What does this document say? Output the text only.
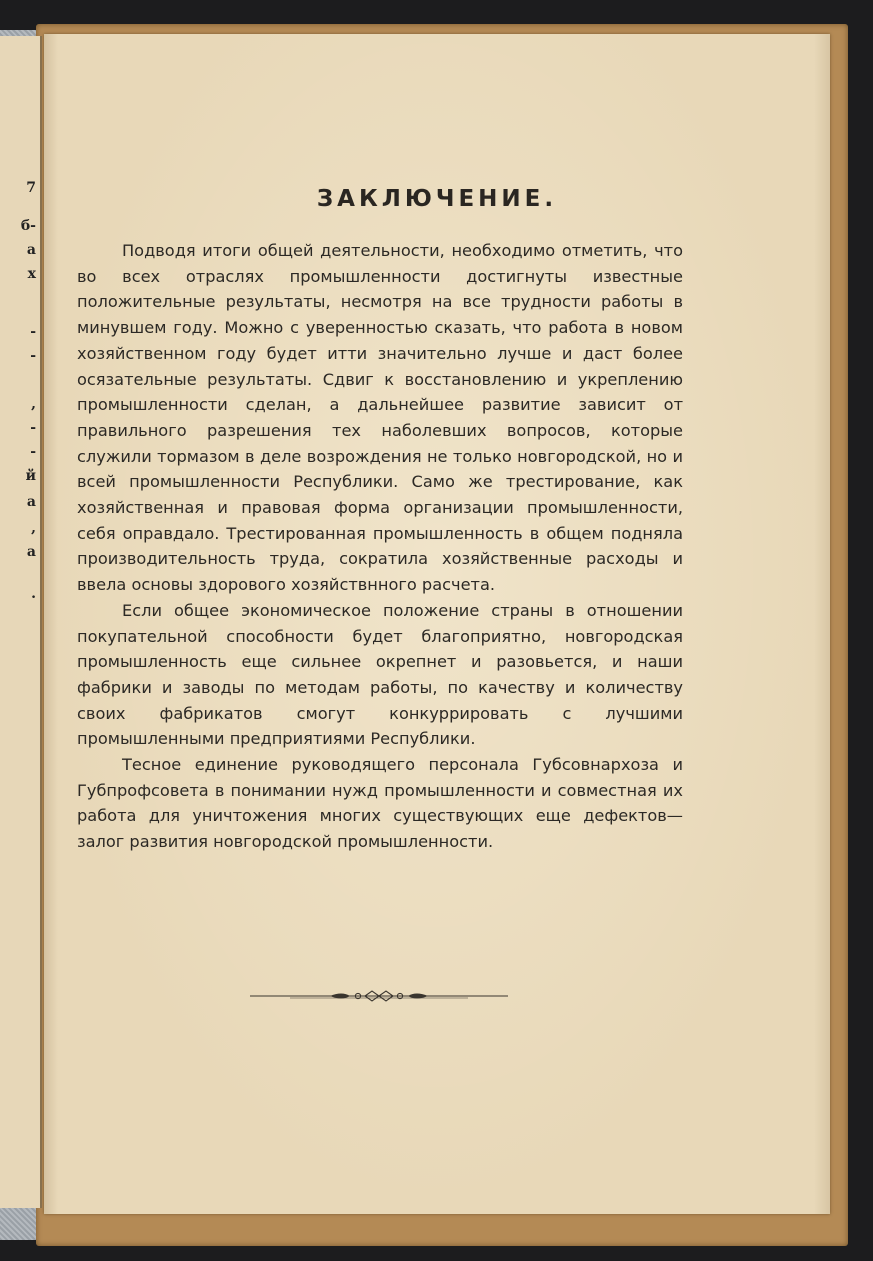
7
б-
а
х
-
-
,
-
-
й
а
,
а
.
ЗАКЛЮЧЕНИЕ.

Подводя итоги общей деятельности, необходимо отметить, что во всех отраслях промышленности достигнуты известные положительные результаты, несмотря на все трудности работы в минувшем году. Можно с уверенностью сказать, что работа в новом хозяйственном году будет итти значительно лучше и даст более осязательные результаты. Сдвиг к восстановлению и укреплению промышленности сделан, а дальнейшее развитие зависит от правильного разрешения тех наболевших вопросов, которые служили тормазом в деле возрождения не только новгородской, но и всей промышленности Республики. Само же трестирование, как хозяйственная и правовая форма организации промышленности, себя оправдало. Трестированная промышленность в общем подняла производительность труда, сократила хозяйственные расходы и ввела основы здорового хозяйствнного расчета.

Если общее экономическое положение страны в отношении покупательной способности будет благоприятно, новгородская промышленность еще сильнее окрепнет и разовьется, и наши фабрики и заводы по методам работы, по качеству и количеству своих фабрикатов смогут конкуррировать с лучшими промышленными предприятиями Республики.

Тесное единение руководящего персонала Губсовнархоза и Губпрофсовета в понимании нужд промышленности и совместная их работа для уничтожения многих существующих еще дефектов— залог развития новгородской промышленности.
